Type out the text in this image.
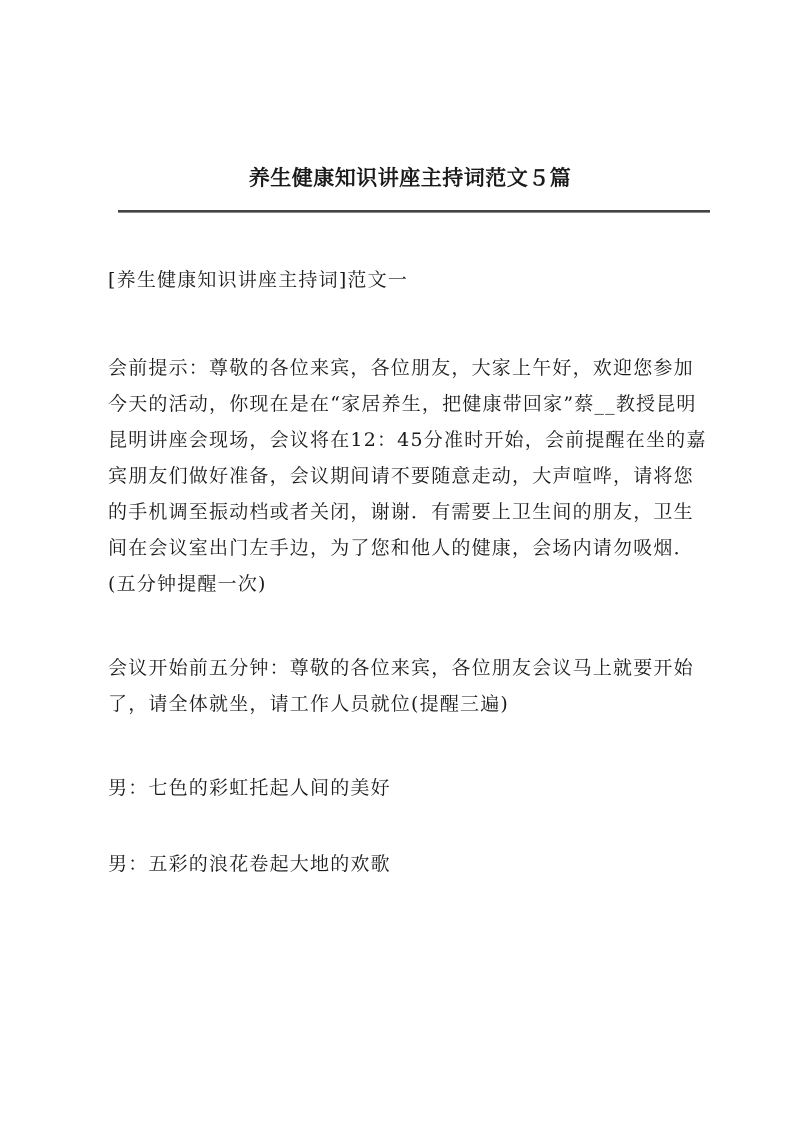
养生健康知识讲座主持词范文５篇

[养生健康知识讲座主持词]范文一

会前提示：尊敬的各位来宾，各位朋友，大家上午好，欢迎您参加今天的活动，你现在是在“家居养生，把健康带回家”蔡__教授昆明昆明讲座会现场，会议将在12：45分准时开始，会前提醒在坐的嘉宾朋友们做好准备，会议期间请不要随意走动，大声喧哗，请将您的手机调至振动档或者关闭，谢谢．有需要上卫生间的朋友，卫生间在会议室出门左手边，为了您和他人的健康，会场内请勿吸烟．(五分钟提醒一次)

会议开始前五分钟：尊敬的各位来宾，各位朋友会议马上就要开始了，请全体就坐，请工作人员就位(提醒三遍)

男：七色的彩虹托起人间的美好

男：五彩的浪花卷起大地的欢歌
